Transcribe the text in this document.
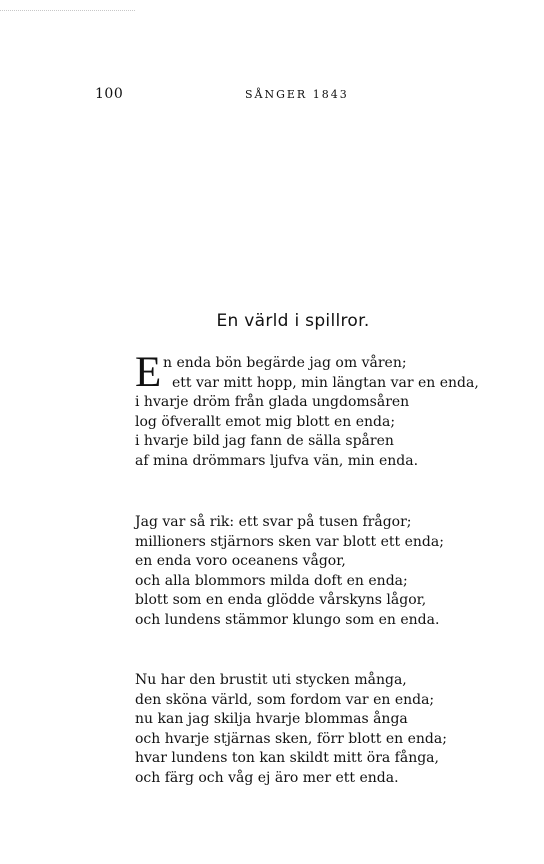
100	SÅNGER 1843
En värld i spillror.
E n enda bön begärde jag om våren;
ett var mitt hopp, min längtan var en enda,
i hvarje dröm från glada ungdomsåren
log öfverallt emot mig blott en enda;
i hvarje bild jag fann de sälla spåren
af mina drömmars ljufva vän, min enda.
Jag var så rik: ett svar på tusen frågor;
millioners stjärnors sken var blott ett enda;
en enda voro oceanens vågor,
och alla blommors milda doft en enda;
blott som en enda glödde vårskyns lågor,
och lundens stämmor klungo som en enda.
Nu har den brustit uti stycken många,
den sköna värld, som fordom var en enda;
nu kan jag skilja hvarje blommas ånga
och hvarje stjärnas sken, förr blott en enda;
hvar lundens ton kan skildt mitt öra fånga,
och färg och våg ej äro mer ett enda.
